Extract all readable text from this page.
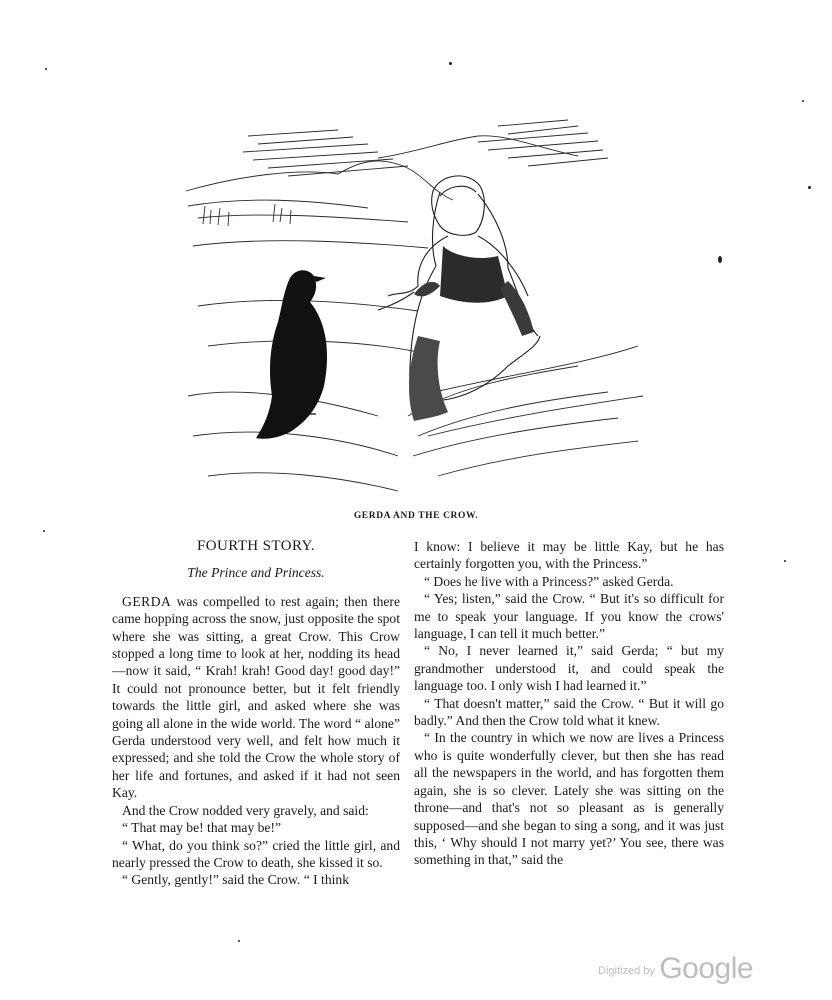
GERDA AND THE CROW.

FOURTH STORY.

The Prince and Princess.

GERDA was compelled to rest again; then there came hopping across the snow, just opposite the spot where she was sitting, a great Crow. This Crow stopped a long time to look at her, nodding its head—now it said, “ Krah! krah! Good day! good day!” It could not pronounce better, but it felt friendly towards the little girl, and asked where she was going all alone in the wide world. The word “ alone” Gerda understood very well, and felt how much it expressed; and she told the Crow the whole story of her life and fortunes, and asked if it had not seen Kay.

And the Crow nodded very gravely, and said:

“ That may be! that may be!”

“ What, do you think so?” cried the little girl, and nearly pressed the Crow to death, she kissed it so.

“ Gently, gently!” said the Crow. “ I think

I know: I believe it may be little Kay, but he has certainly forgotten you, with the Princess.”

“ Does he live with a Princess?” asked Gerda.

“ Yes; listen,” said the Crow. “ But it's so difficult for me to speak your language. If you know the crows' language, I can tell it much better.”

“ No, I never learned it,” said Gerda; “ but my grandmother understood it, and could speak the language too. I only wish I had learned it.”

“ That doesn't matter,” said the Crow. “ But it will go badly.” And then the Crow told what it knew.

“ In the country in which we now are lives a Princess who is quite wonderfully clever, but then she has read all the newspapers in the world, and has forgotten them again, she is so clever. Lately she was sitting on the throne—and that's not so pleasant as is generally supposed—and she began to sing a song, and it was just this, ‘ Why should I not marry yet?’ You see, there was something in that,” said the

$^{Digitized by}$ Google
